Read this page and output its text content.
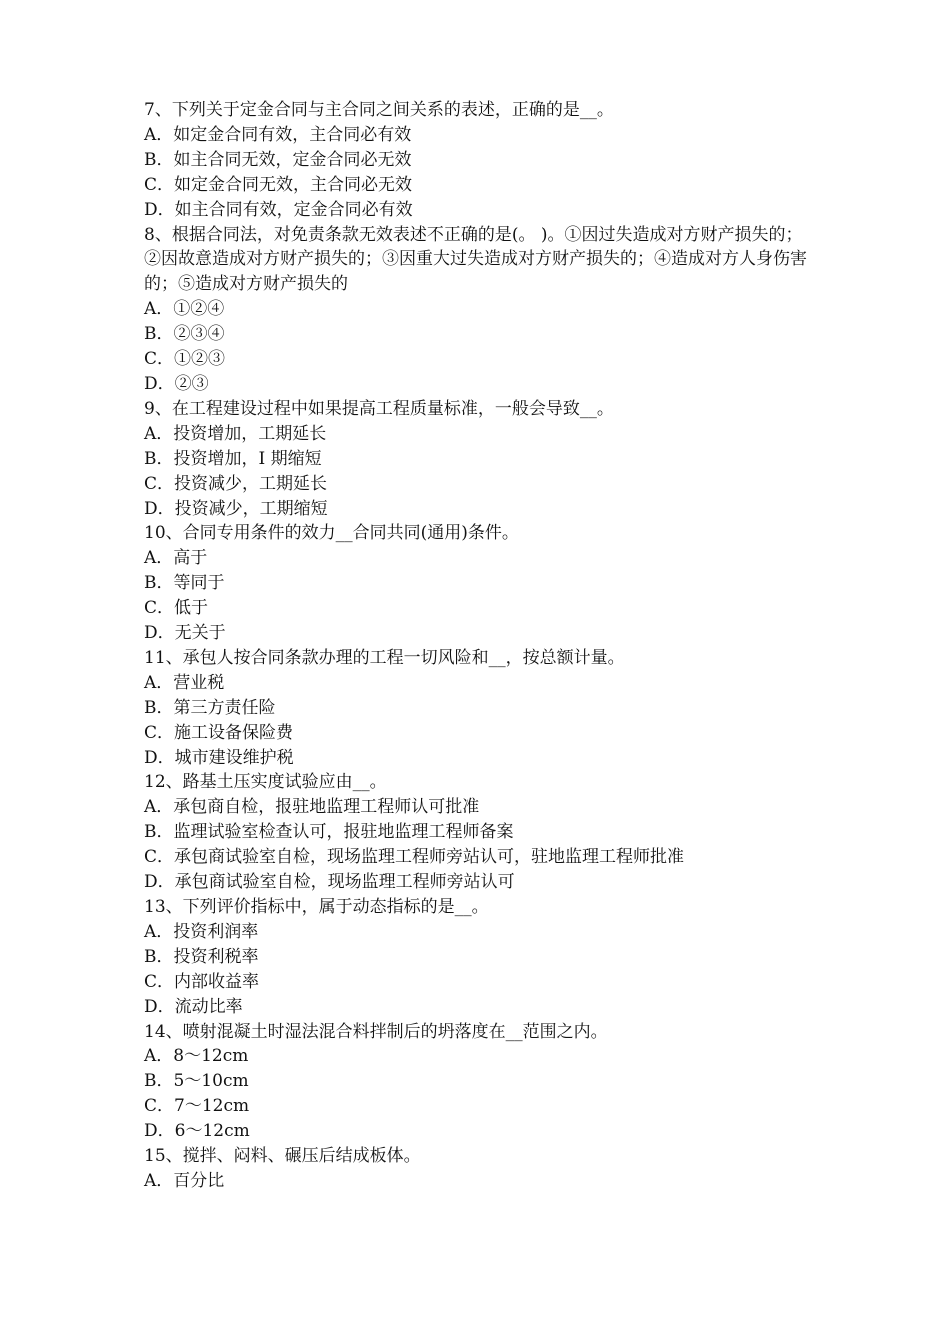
7、下列关于定金合同与主合同之间关系的表述，正确的是__。
A．如定金合同有效，主合同必有效
B．如主合同无效，定金合同必无效
C．如定金合同无效，主合同必无效
D．如主合同有效，定金合同必有效
8、根据合同法，对免责条款无效表述不正确的是(。 )。①因过失造成对方财产损失的；②因故意造成对方财产损失的；③因重大过失造成对方财产损失的；④造成对方人身伤害的；⑤造成对方财产损失的
A．①②④
B．②③④
C．①②③
D．②③
9、在工程建设过程中如果提高工程质量标准，一般会导致__。
A．投资增加，工期延长
B．投资增加，I 期缩短
C．投资减少，工期延长
D．投资减少，工期缩短
10、合同专用条件的效力__合同共同(通用)条件。
A．高于
B．等同于
C．低于
D．无关于
11、承包人按合同条款办理的工程一切风险和__，按总额计量。
A．营业税
B．第三方责任险
C．施工设备保险费
D．城市建设维护税
12、路基土压实度试验应由__。
A．承包商自检，报驻地监理工程师认可批准
B．监理试验室检查认可，报驻地监理工程师备案
C．承包商试验室自检，现场监理工程师旁站认可，驻地监理工程师批准
D．承包商试验室自检，现场监理工程师旁站认可
13、下列评价指标中，属于动态指标的是__。
A．投资利润率
B．投资利税率
C．内部收益率
D．流动比率
14、喷射混凝土时湿法混合料拌制后的坍落度在__范围之内。
A．8～12cm
B．5～10cm
C．7～12cm
D．6～12cm
15、搅拌、闷料、碾压后结成板体。
A．百分比
